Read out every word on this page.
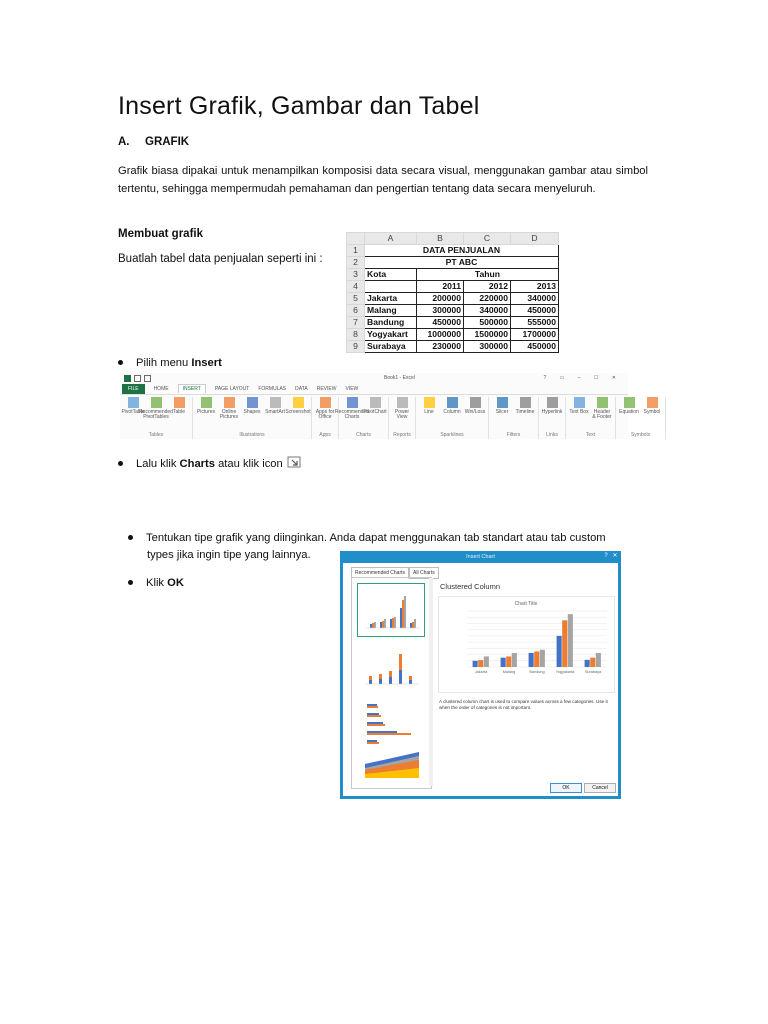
Insert Grafik, Gambar dan Tabel
A. GRAFIK
Grafik biasa dipakai untuk menampilkan komposisi data secara visual, menggunakan gambar atau simbol tertentu, sehingga mempermudah pemahaman dan pengertian tentang data secara menyeluruh.
Membuat grafik
Buatlah tabel data penjualan seperti ini :
	A	B	C	D
1	DATA PENJUALAN			
2	PT ABC			
3	Kota	Tahun		
4		2011	2012	2013
5	Jakarta	200000	220000	340000
6	Malang	300000	340000	450000
7	Bandung	450000	500000	555000
8	Yogyakart	1000000	1500000	1700000
9	Surabaya	230000	300000	450000
Pilih menu Insert
Book1 - Excel	? ▭ – ☐ ✕
FILE	HOME	INSERT	PAGE LAYOUT FORMULAS DATA REVIEW VIEW
PivotTable
Recommended PivotTables
Table
Tables
Pictures	Online Pictures
Shapes SmartArt Screenshot
Illustrations
Apps for Office
Apps
Recommended Charts
PivotChart
Charts
Power View
Reports
Line Column Win/Loss
Sparklines
Slicer Timeline
Filters
Hyperlink
Links
Text Box	Header & Footer
Text
Equation Symbol
Symbols
Lalu klik Charts atau klik icon
Tentukan tipe grafik yang diinginkan. Anda dapat menggunakan tab standart atau tab custom
types jika ingin tipe yang lainnya.
Klik OK
Insert Chart	? ✕
Recommended Charts	All Charts
Clustered Column
Chart Title
Jakarta	Malang	Bandung	Yogyakarta	Surabaya
A clustered column chart is used to compare values across a few categories. Use it when the order of categories is not important.
OK	Cancel
